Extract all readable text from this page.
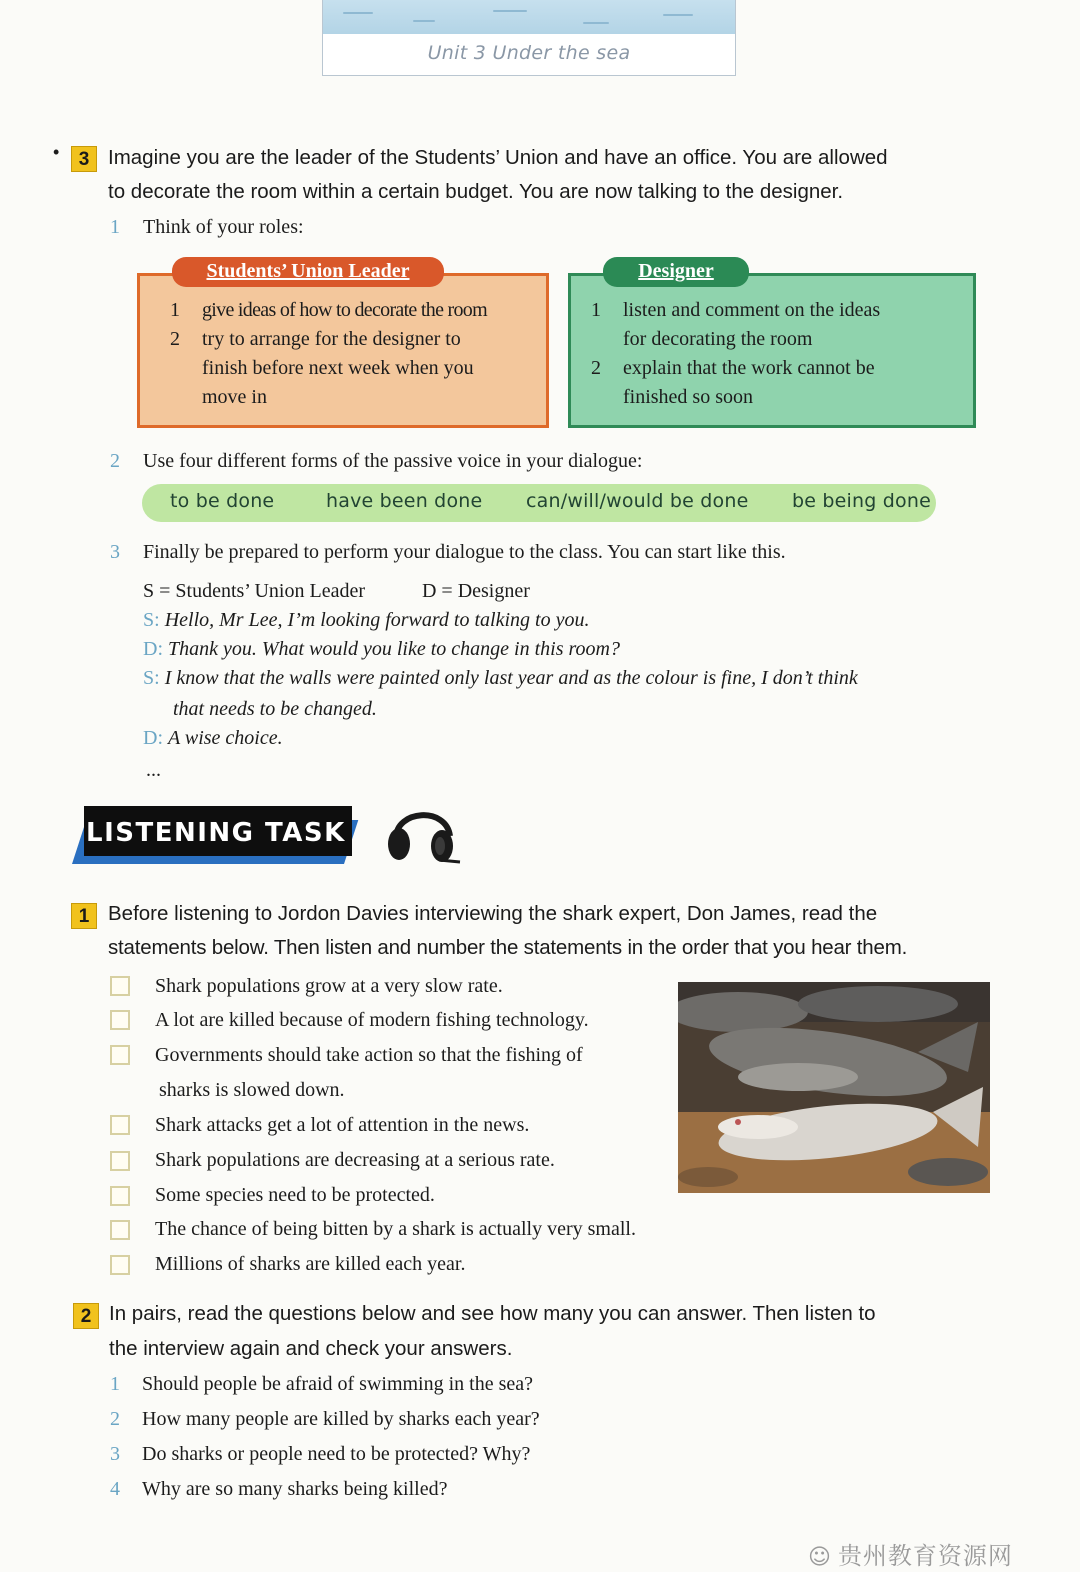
Unit 3 Under the sea
•	3 Imagine you are the leader of the Students’ Union and have an office. You are allowed
to decorate the room within a certain budget. You are now talking to the designer.
1 Think of your roles:
Students’ Union Leader
1 give ideas of how to decorate the room
2 try to arrange for the designer to
finish before next week when you
move in
Designer
1 listen and comment on the ideas
for decorating the room
2 explain that the work cannot be
finished so soon
2 Use four different forms of the passive voice in your dialogue:
to be done	have been done can/will/would be done be being done
3 Finally be prepared to perform your dialogue to the class. You can start like this.
S = Students’ Union Leader	D = Designer
S: Hello, Mr Lee, I’m looking forward to talking to you.
D: Thank you. What would you like to change in this room?
S: I know that the walls were painted only last year and as the colour is fine, I don’t think
that needs to be changed.
D: A wise choice.
...
LISTENING TASK
1 Before listening to Jordon Davies interviewing the shark expert, Don James, read the
statements below. Then listen and number the statements in the order that you hear them.
Shark populations grow at a very slow rate.
A lot are killed because of modern fishing technology.
Governments should take action so that the fishing of
sharks is slowed down.
Shark attacks get a lot of attention in the news.
Shark populations are decreasing at a serious rate.
Some species need to be protected.
The chance of being bitten by a shark is actually very small.
Millions of sharks are killed each year.
2 In pairs, read the questions below and see how many you can answer. Then listen to
the interview again and check your answers.
1 Should people be afraid of swimming in the sea?
2 How many people are killed by sharks each year?
3 Do sharks or people need to be protected? Why?
4 Why are so many sharks being killed?
☺ 贵州教育资源网
